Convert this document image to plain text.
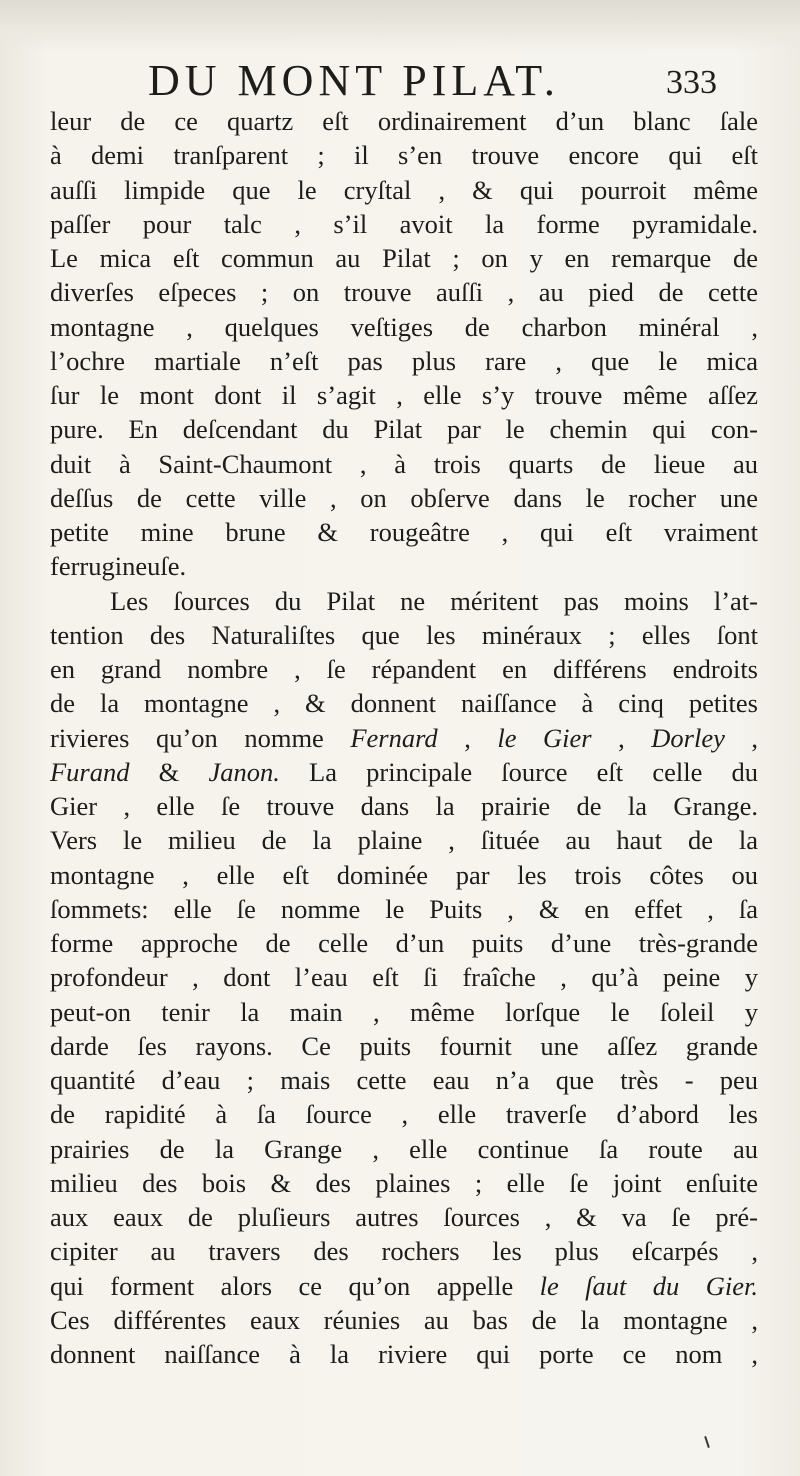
DU MONT PILAT.	333
leur de ce quartz eſt ordinairement d’un blanc ſale
à demi tranſparent ; il s’en trouve encore qui eſt
auſſi limpide que le cryſtal , & qui pourroit même
paſſer pour talc , s’il avoit la forme pyramidale.
Le mica eſt commun au Pilat ; on y en remarque de
diverſes eſpeces ; on trouve auſſi , au pied de cette
montagne , quelques veſtiges de charbon minéral ,
l’ochre martiale n’eſt pas plus rare , que le mica
ſur le mont dont il s’agit , elle s’y trouve même aſſez
pure. En deſcendant du Pilat par le chemin qui con-
duit à Saint-Chaumont , à trois quarts de lieue au
deſſus de cette ville , on obſerve dans le rocher une
petite mine brune & rougeâtre , qui eſt vraiment
ferrugineuſe.
Les ſources du Pilat ne méritent pas moins l’at-
tention des Naturaliſtes que les minéraux ; elles ſont
en grand nombre , ſe répandent en différens endroits
de la montagne , & donnent naiſſance à cinq petites
rivieres qu’on nomme Fernard , le Gier , Dorley ,
Furand & Janon. La principale ſource eſt celle du
Gier , elle ſe trouve dans la prairie de la Grange.
Vers le milieu de la plaine , ſituée au haut de la
montagne , elle eſt dominée par les trois côtes ou
ſommets: elle ſe nomme le Puits , & en effet , ſa
forme approche de celle d’un puits d’une très-grande
profondeur , dont l’eau eſt ſi fraîche , qu’à peine y
peut-on tenir la main , même lorſque le ſoleil y
darde ſes rayons. Ce puits fournit une aſſez grande
quantité d’eau ; mais cette eau n’a que très - peu
de rapidité à ſa ſource , elle traverſe d’abord les
prairies de la Grange , elle continue ſa route au
milieu des bois & des plaines ; elle ſe joint enſuite
aux eaux de pluſieurs autres ſources , & va ſe pré-
cipiter au travers des rochers les plus eſcarpés ,
qui forment alors ce qu’on appelle le ſaut du Gier.
Ces différentes eaux réunies au bas de la montagne ,
donnent naiſſance à la riviere qui porte ce nom ,
